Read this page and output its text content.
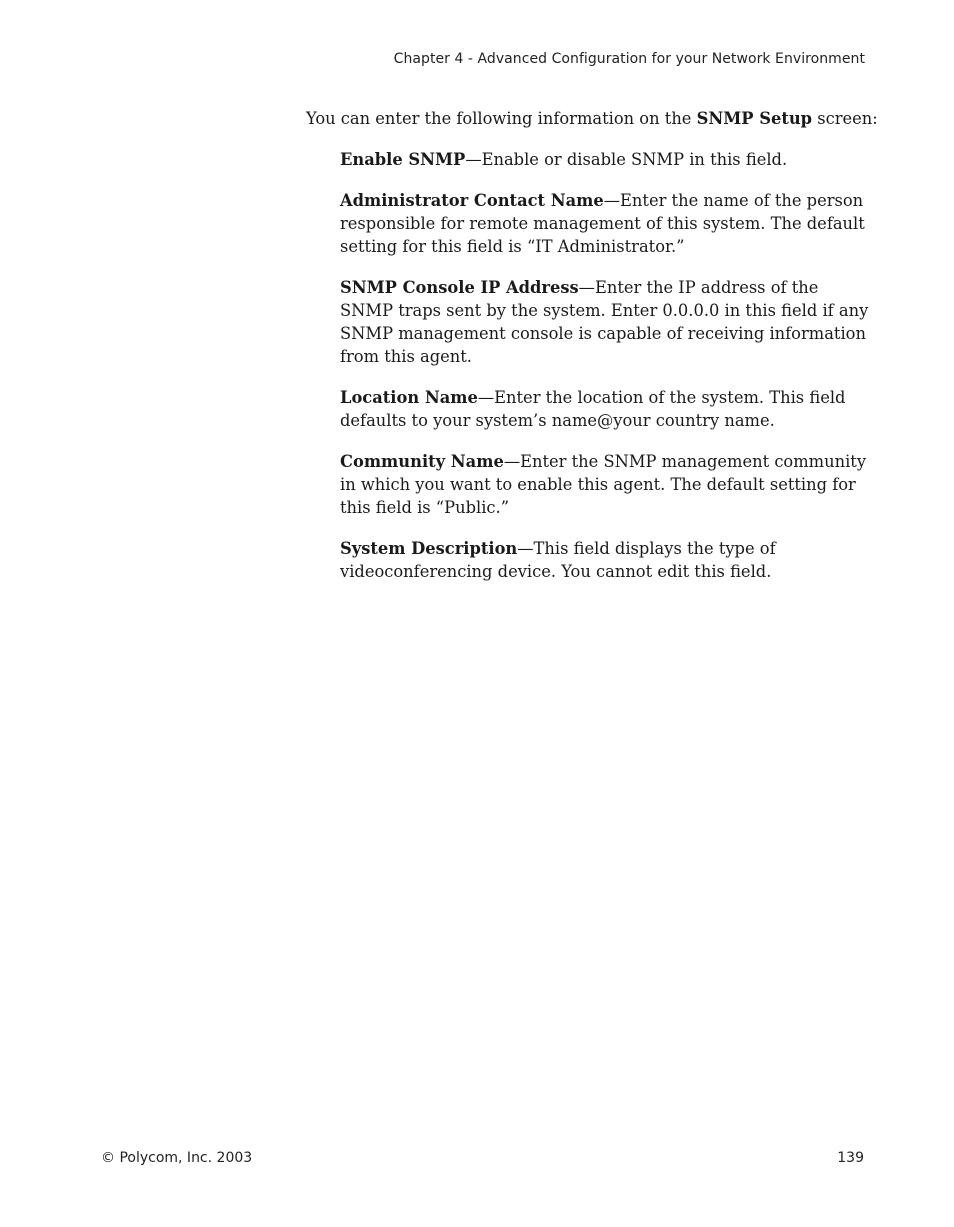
Chapter 4 - Advanced Configuration for your Network Environment

You can enter the following information on the SNMP Setup screen:

Enable SNMP—Enable or disable SNMP in this field.
Administrator Contact Name—Enter the name of the person responsible for remote management of this system. The default setting for this field is “IT Administrator.”
SNMP Console IP Address—Enter the IP address of the SNMP traps sent by the system. Enter 0.0.0.0 in this field if any SNMP management console is capable of receiving information from this agent.
Location Name—Enter the location of the system. This field defaults to your system’s name@your country name.
Community Name—Enter the SNMP management community in which you want to enable this agent. The default setting for this field is “Public.”
System Description—This field displays the type of videoconferencing device. You cannot edit this field.
© Polycom, Inc. 2003	139
